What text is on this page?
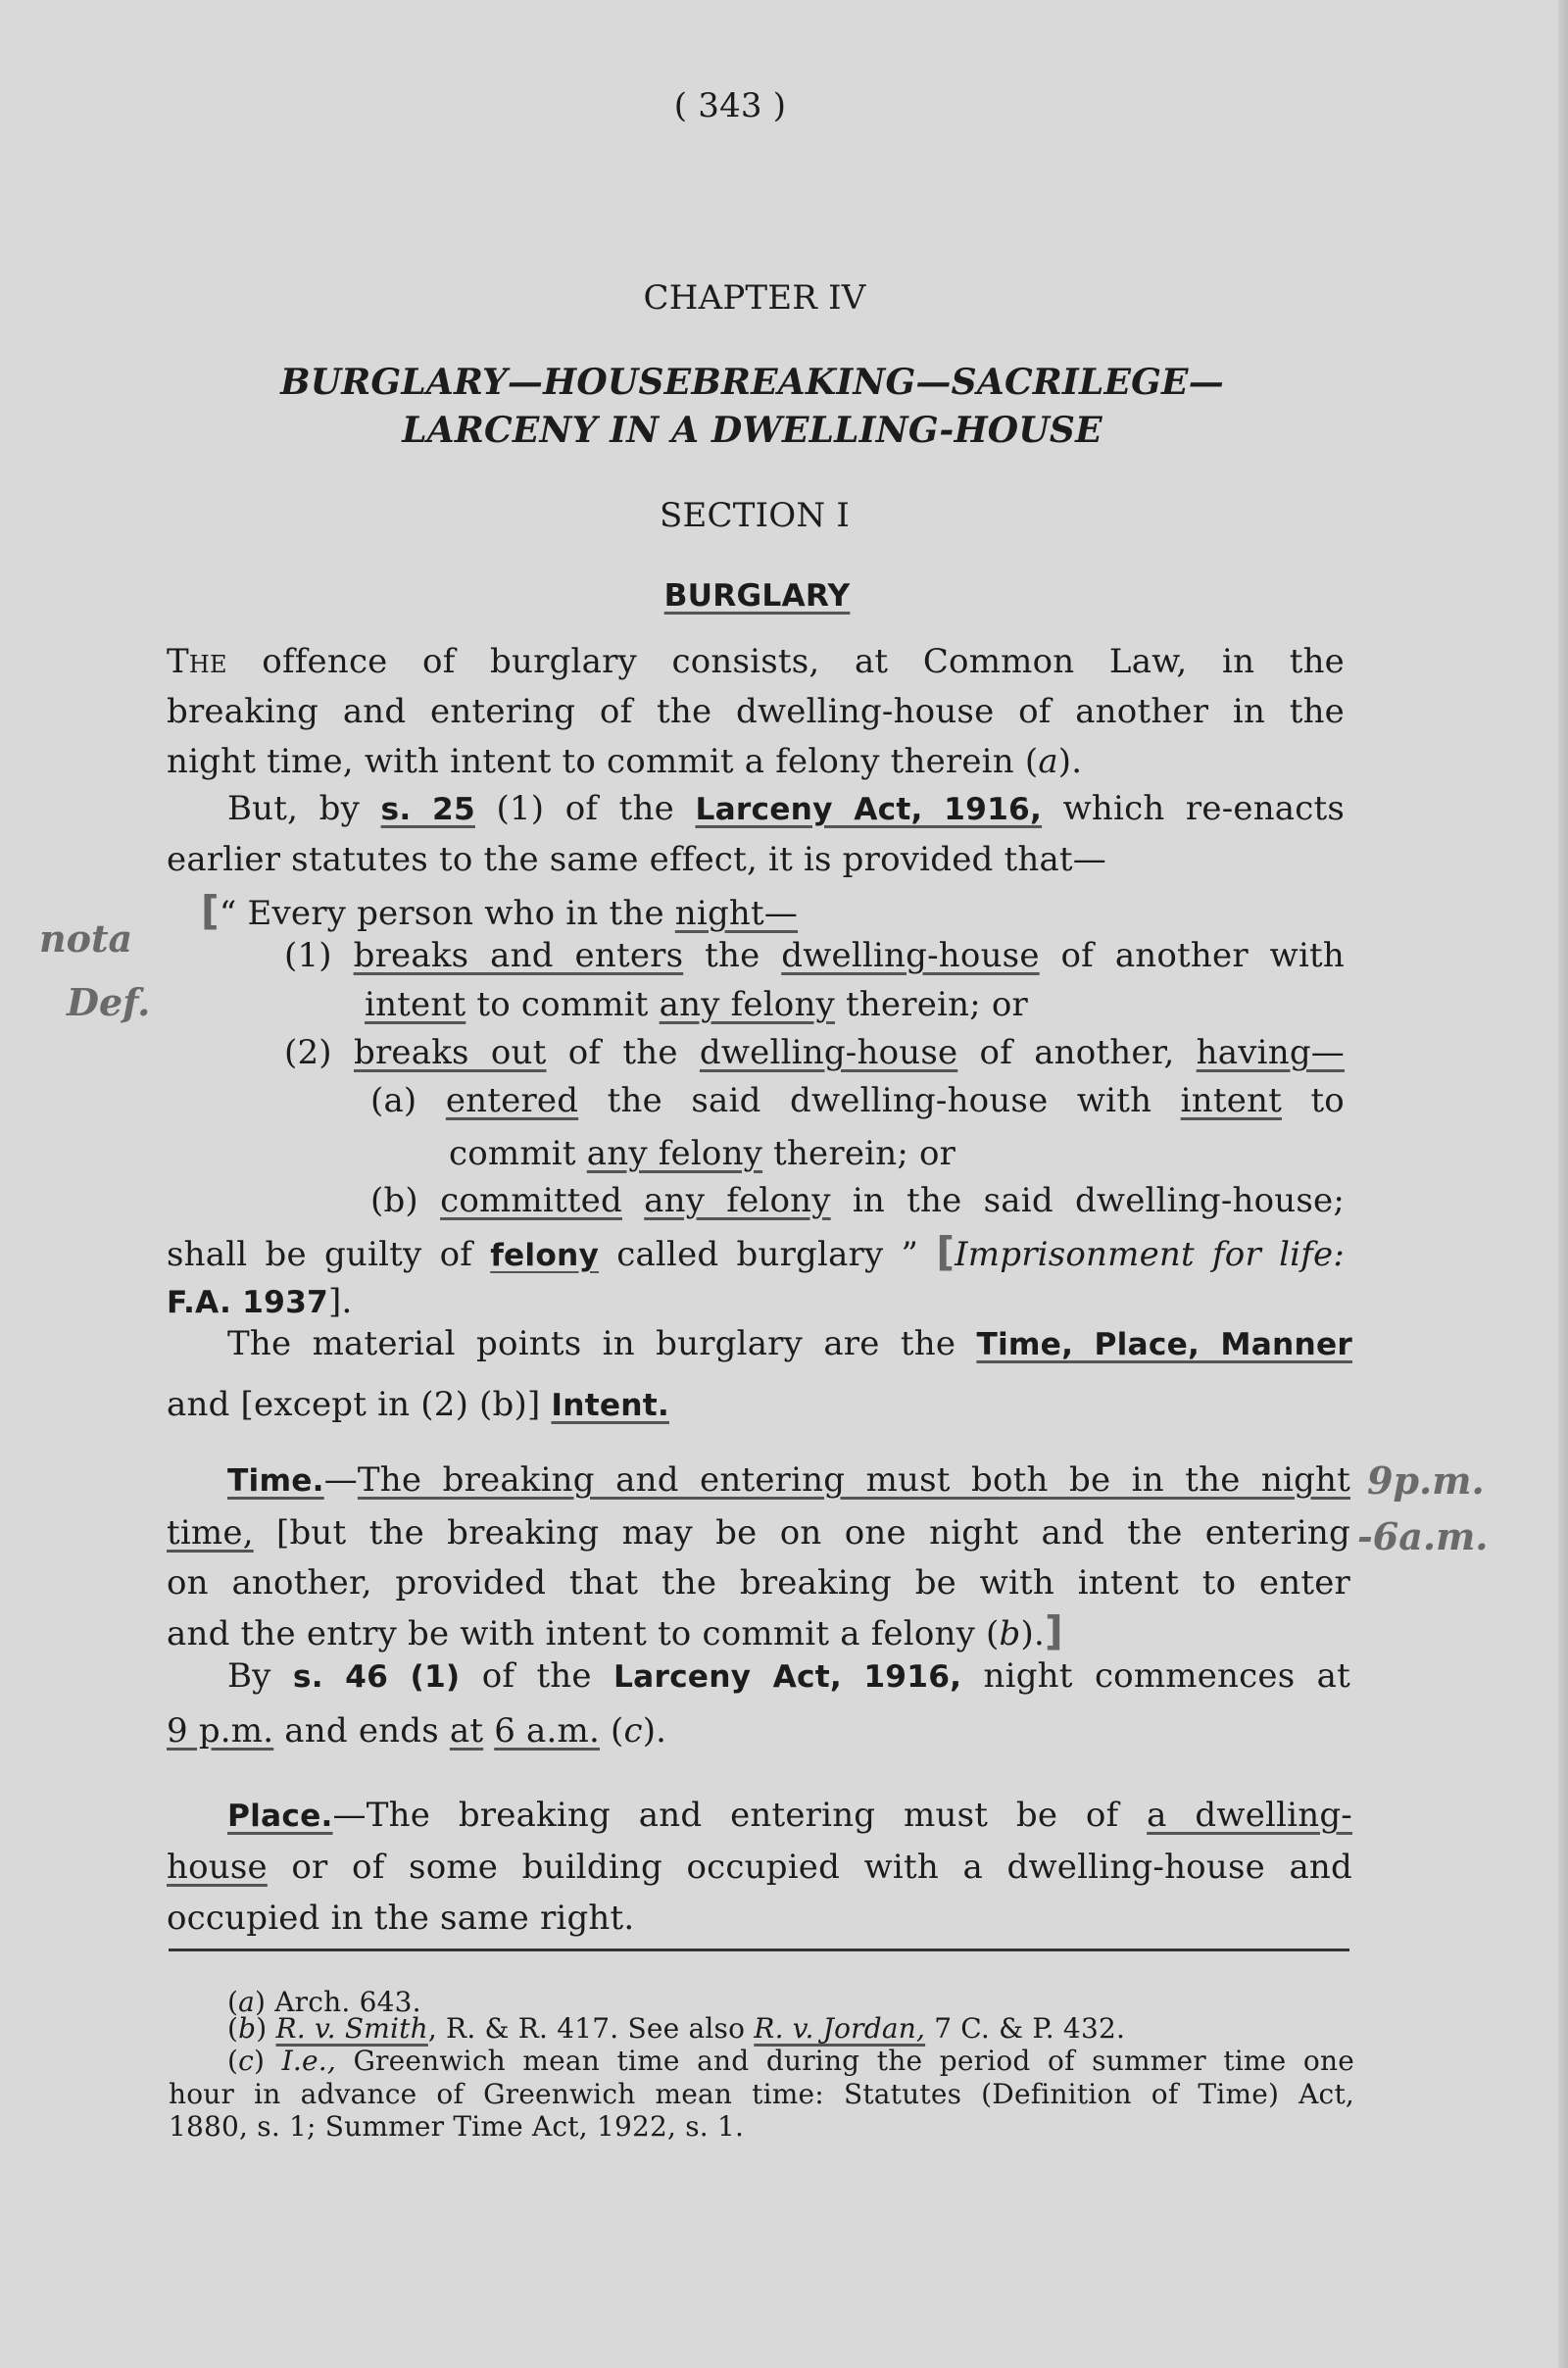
( 343 )
CHAPTER IV
BURGLARY—HOUSEBREAKING—SACRILEGE—
LARCENY IN A DWELLING-HOUSE
SECTION I
BURGLARY
The offence of burglary consists, at Common Law, in the
breaking and entering of the dwelling-house of another in the
night time, with intent to commit a felony therein (a).
But, by s. 25 (1) of the Larceny Act, 1916, which re-enacts
earlier statutes to the same effect, it is provided that—
[“ Every person who in the night—
(1) breaks and enters the dwelling-house of another with
intent to commit any felony therein; or
(2) breaks out of the dwelling-house of another, having—
(a) entered the said dwelling-house with intent to
commit any felony therein; or
(b) committed any felony in the said dwelling-house;
shall be guilty of felony called burglary ” [Imprisonment for life:
F.A. 1937].
The material points in burglary are the Time, Place, Manner
and [except in (2) (b)] Intent.
Time.—The breaking and entering must both be in the night
time, [but the breaking may be on one night and the entering
on another, provided that the breaking be with intent to enter
and the entry be with intent to commit a felony (b).]
By s. 46 (1) of the Larceny Act, 1916, night commences at
9 p.m. and ends at 6 a.m. (c).
Place.—The breaking and entering must be of a dwelling-
house or of some building occupied with a dwelling-house and
occupied in the same right.
(a) Arch. 643.
(b) R. v. Smith, R. & R. 417. See also R. v. Jordan, 7 C. & P. 432.
(c) I.e., Greenwich mean time and during the period of summer time one
hour in advance of Greenwich mean time: Statutes (Definition of Time) Act,
1880, s. 1; Summer Time Act, 1922, s. 1.
nota
Def.
9p.m.
-6a.m.
